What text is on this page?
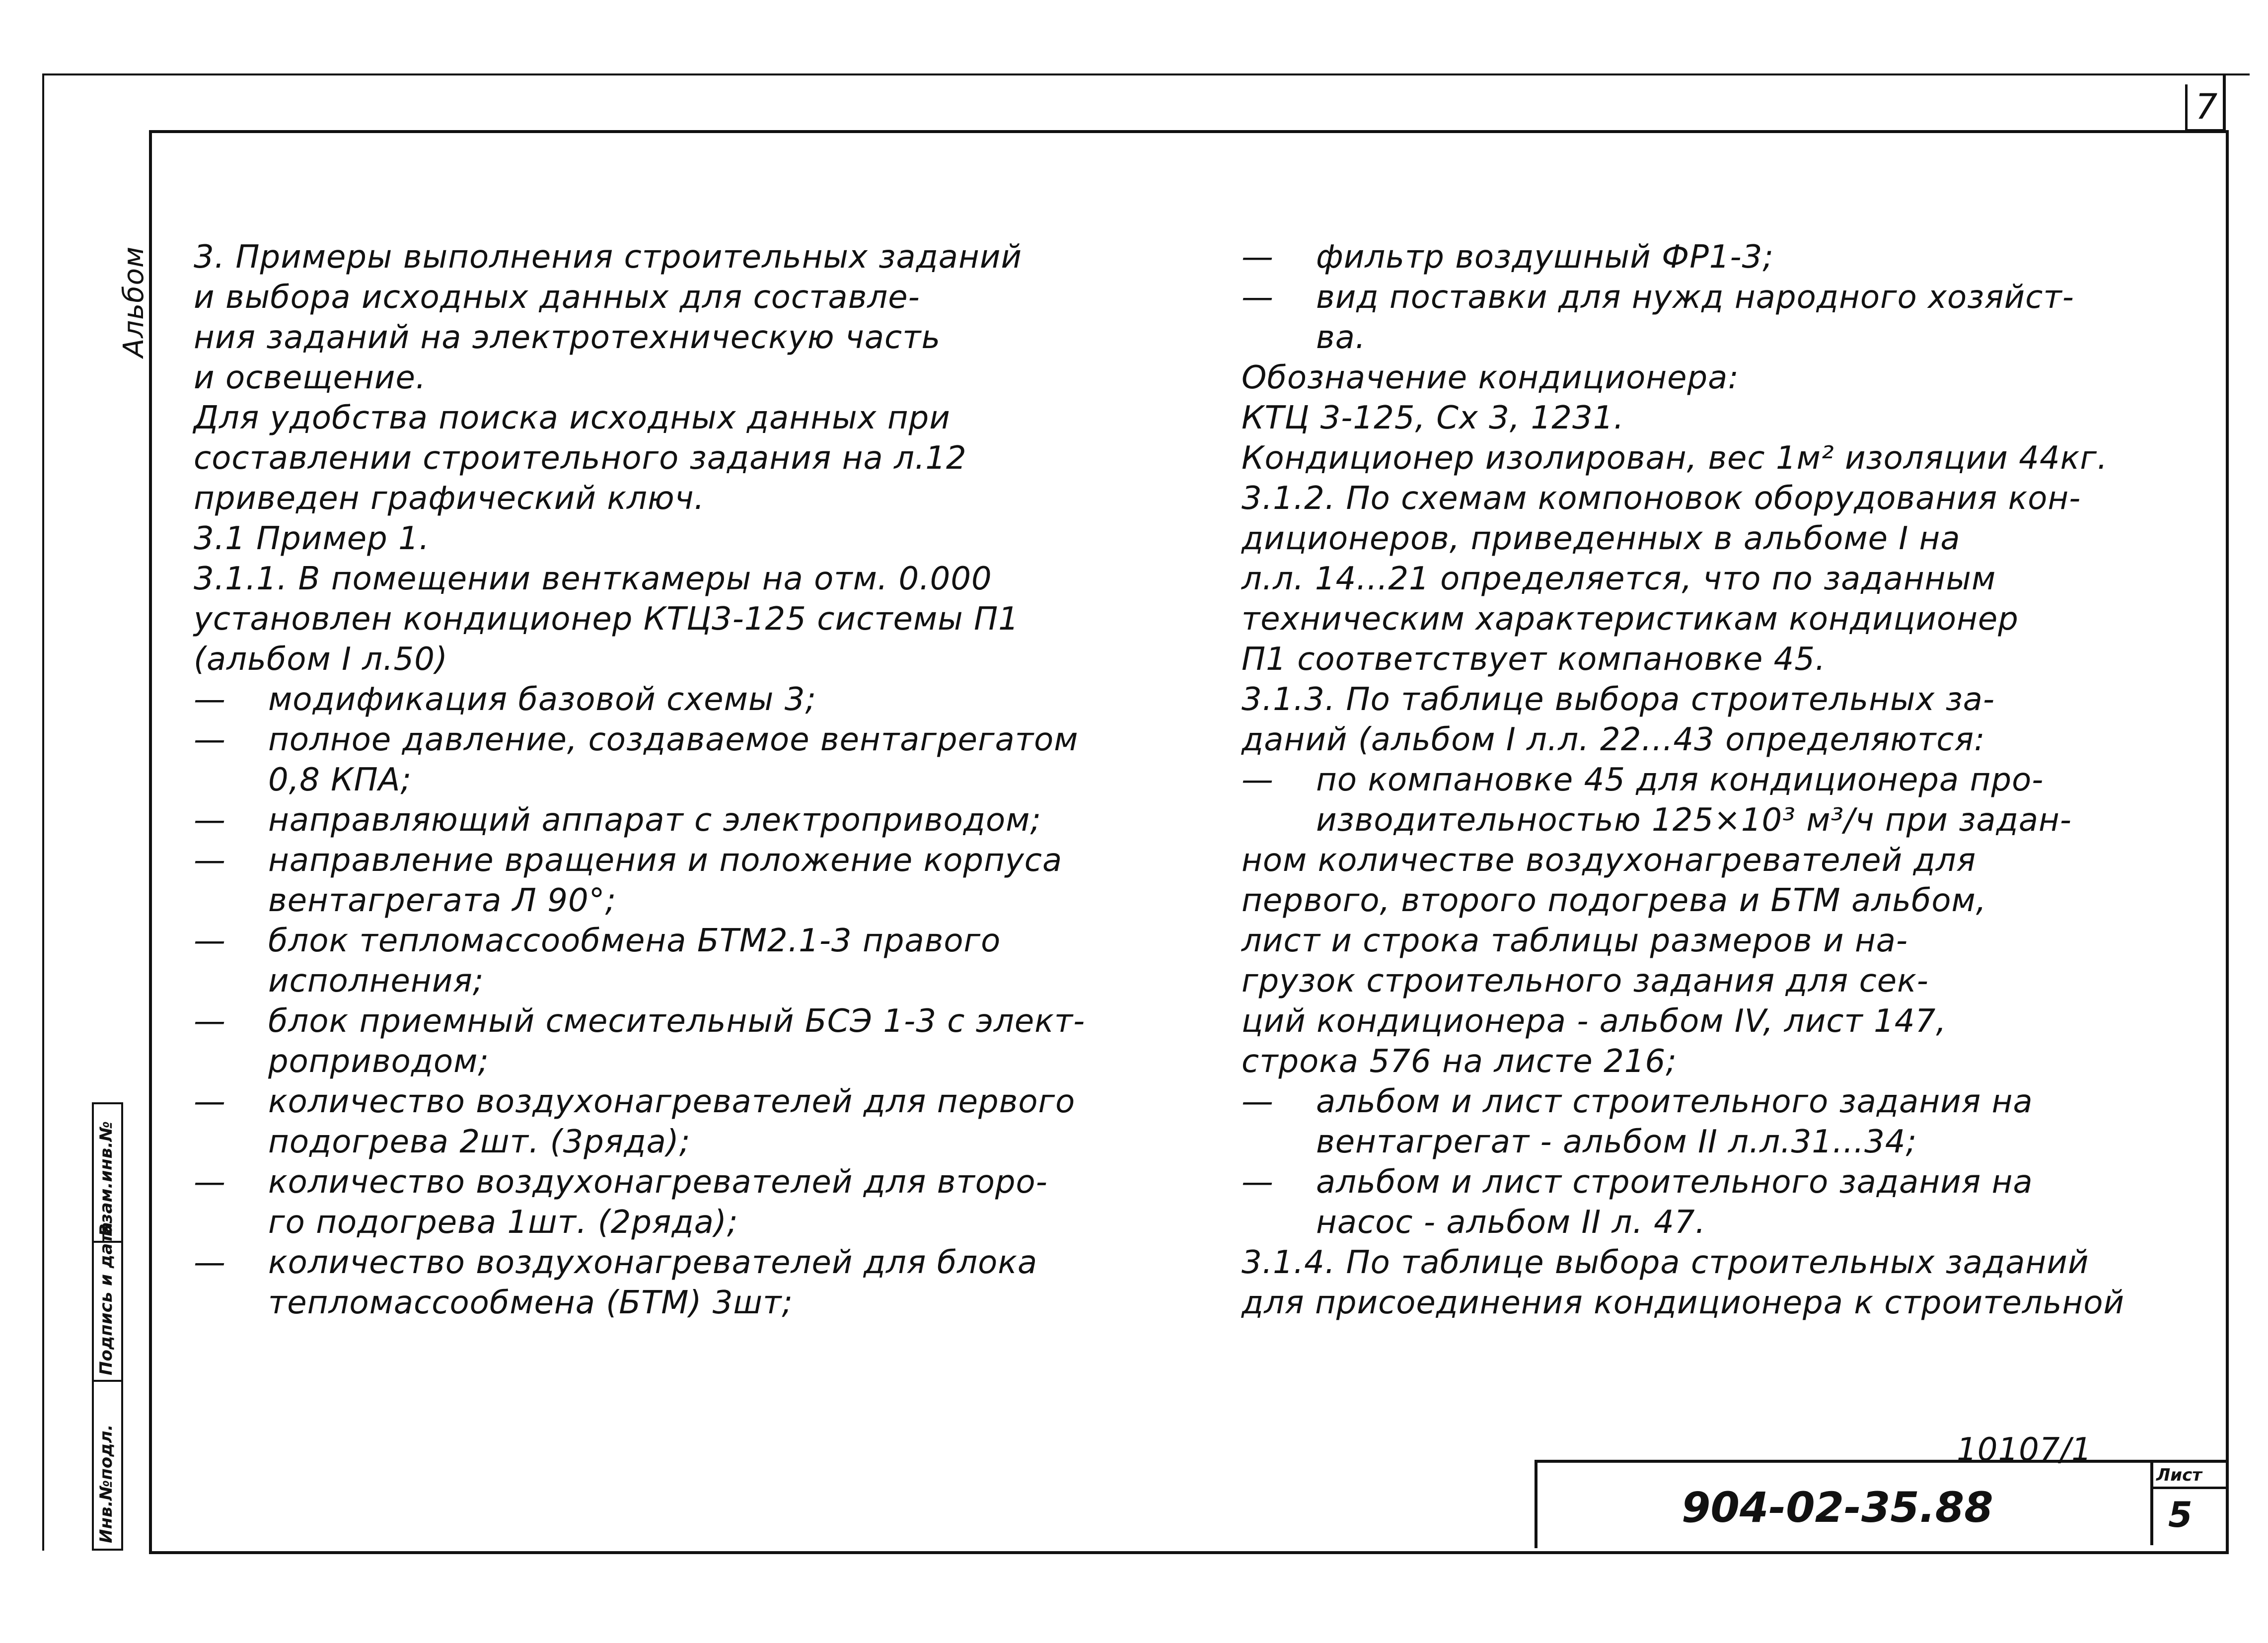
7
Альбом
Инв.№подл.
Подпись и дата
Взам.инв.№
3. Примеры выполнения строительных заданий
и выбора исходных данных для составле-
ния заданий на электротехническую часть
и освещение.
Для удобства поиска исходных данных при
составлении строительного задания на л.12
приведен графический ключ.
3.1 Пример 1.
3.1.1. В помещении венткамеры на отм. 0.000
установлен кондиционер КТЦ3-125 системы П1
(альбом I л.50)
— модификация базовой схемы 3;
— полное давление, создаваемое вентагрегатом
0,8 КПА;
— направляющий аппарат с электроприводом;
— направление вращения и положение корпуса
вентагрегата Л 90°;
— блок тепломассообмена БТМ2.1-3 правого
исполнения;
— блок приемный смесительный БСЭ 1-3 с элект-
роприводом;
— количество воздухонагревателей для первого
подогрева 2шт. (3ряда);
— количество воздухонагревателей для второ-
го подогрева 1шт. (2ряда);
— количество воздухонагревателей для блока
тепломассообмена (БТМ) 3шт;
— фильтр воздушный ФР1-3;
— вид поставки для нужд народного хозяйст-
ва.
Обозначение кондиционера:
КТЦ 3-125, Сх 3, 1231.
Кондиционер изолирован, вес 1м² изоляции 44кг.
3.1.2. По схемам компоновок оборудования кон-
диционеров, приведенных в альбоме I на
л.л. 14...21 определяется, что по заданным
техническим характеристикам кондиционер
П1 соответствует компановке 45.
3.1.3. По таблице выбора строительных за-
даний (альбом I л.л. 22...43 определяются:
— по компановке 45 для кондиционера про-
изводительностью 125×10³ м³/ч при задан-
ном количестве воздухонагревателей для
первого, второго подогрева и БТМ альбом,
лист и строка таблицы размеров и на-
грузок строительного задания для сек-
ций кондиционера - альбом IV, лист 147,
строка 576 на листе 216;
— альбом и лист строительного задания на
вентагрегат - альбом II л.л.31...34;
— альбом и лист строительного задания на
насос - альбом II л. 47.
3.1.4. По таблице выбора строительных заданий
для присоединения кондиционера к строительной
10107/1
904-02-35.88
Лист
5
